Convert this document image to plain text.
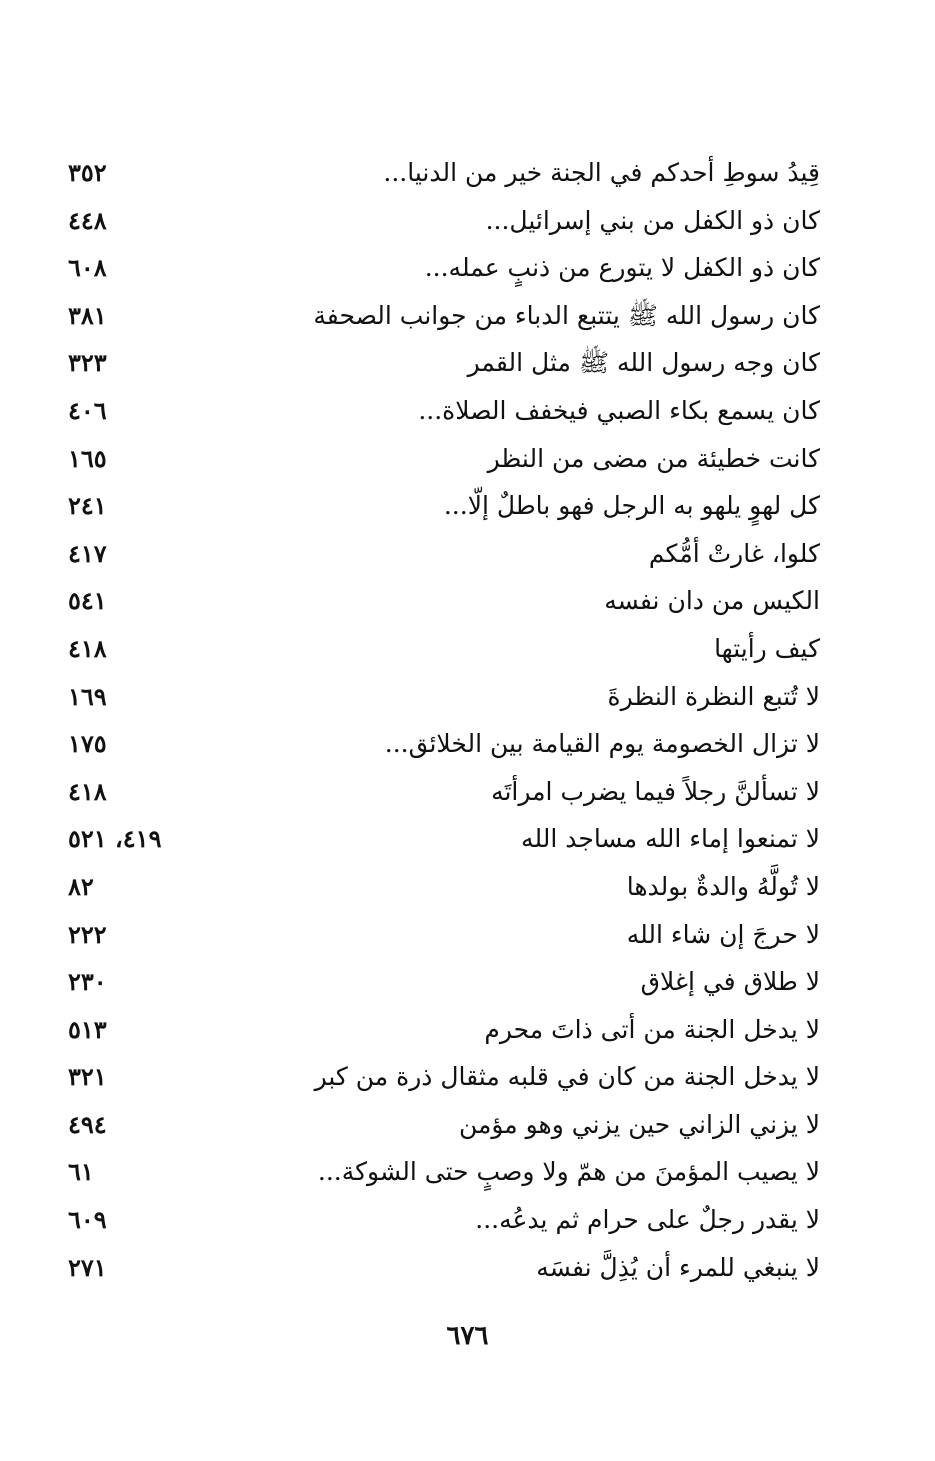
قِيدُ سوطِ أحدكم في الجنة خير من الدنيا...
٣٥٢
كان ذو الكفل من بني إسرائيل...
٤٤٨
كان ذو الكفل لا يتورع من ذنبٍ عمله...
٦٠٨
كان رسول الله ﷺ يتتبع الدباء من جوانب الصحفة
٣٨١
كان وجه رسول الله ﷺ مثل القمر
٣٢٣
كان يسمع بكاء الصبي فيخفف الصلاة...
٤٠٦
كانت خطيئة من مضى من النظر
١٦٥
كل لهوٍ يلهو به الرجل فهو باطلٌ إلّا...
٢٤١
كلوا، غارتْ أمُّكم
٤١٧
الكيس من دان نفسه
٥٤١
كيف رأيتها
٤١٨
لا تُتبع النظرة النظرةَ
١٦٩
لا تزال الخصومة يوم القيامة بين الخلائق...
١٧٥
لا تسألنَّ رجلاً فيما يضرب امرأتَه
٤١٨
لا تمنعوا إماء الله مساجد الله
٤١٩، ٥٢١
لا تُولَّهُ والدةٌ بولدها
٨٢
لا حرجَ إن شاء الله
٢٢٢
لا طلاق في إغلاق
٢٣٠
لا يدخل الجنة من أتى ذاتَ محرم
٥١٣
لا يدخل الجنة من كان في قلبه مثقال ذرة من كبر
٣٢١
لا يزني الزاني حين يزني وهو مؤمن
٤٩٤
لا يصيب المؤمنَ من همّ ولا وصبٍ حتى الشوكة...
٦١
لا يقدر رجلٌ على حرام ثم يدعُه...
٦٠٩
لا ينبغي للمرء أن يُذِلَّ نفسَه
٢٧١
٦٧٦
